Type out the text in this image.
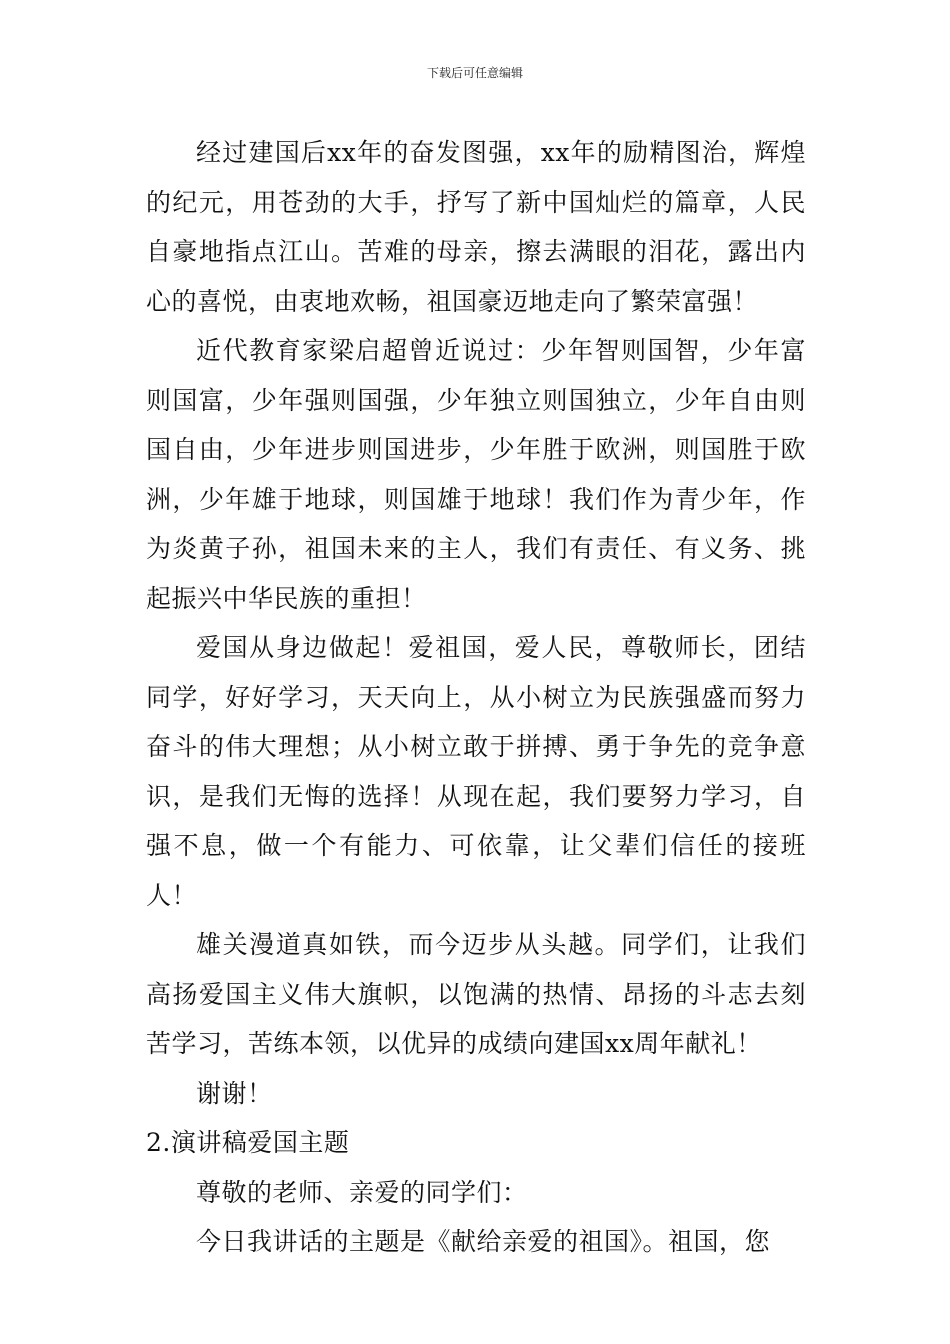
下载后可任意编辑

经过建国后xx年的奋发图强，xx年的励精图治，辉煌的纪元，用苍劲的大手，抒写了新中国灿烂的篇章，人民自豪地指点江山。苦难的母亲，擦去满眼的泪花，露出内心的喜悦，由衷地欢畅，祖国豪迈地走向了繁荣富强！

近代教育家梁启超曾近说过：少年智则国智，少年富则国富，少年强则国强，少年独立则国独立，少年自由则国自由，少年进步则国进步，少年胜于欧洲，则国胜于欧洲，少年雄于地球，则国雄于地球！我们作为青少年，作为炎黄子孙，祖国未来的主人，我们有责任、有义务、挑起振兴中华民族的重担！

爱国从身边做起！爱祖国，爱人民，尊敬师长，团结同学，好好学习，天天向上，从小树立为民族强盛而努力奋斗的伟大理想；从小树立敢于拼搏、勇于争先的竞争意识，是我们无悔的选择！从现在起，我们要努力学习，自强不息，做一个有能力、可依靠，让父辈们信任的接班人！

雄关漫道真如铁，而今迈步从头越。同学们，让我们高扬爱国主义伟大旗帜，以饱满的热情、昂扬的斗志去刻苦学习，苦练本领，以优异的成绩向建国xx周年献礼！

谢谢！

2.演讲稿爱国主题

尊敬的老师、亲爱的同学们：

今日我讲话的主题是《献给亲爱的祖国》。祖国，您
